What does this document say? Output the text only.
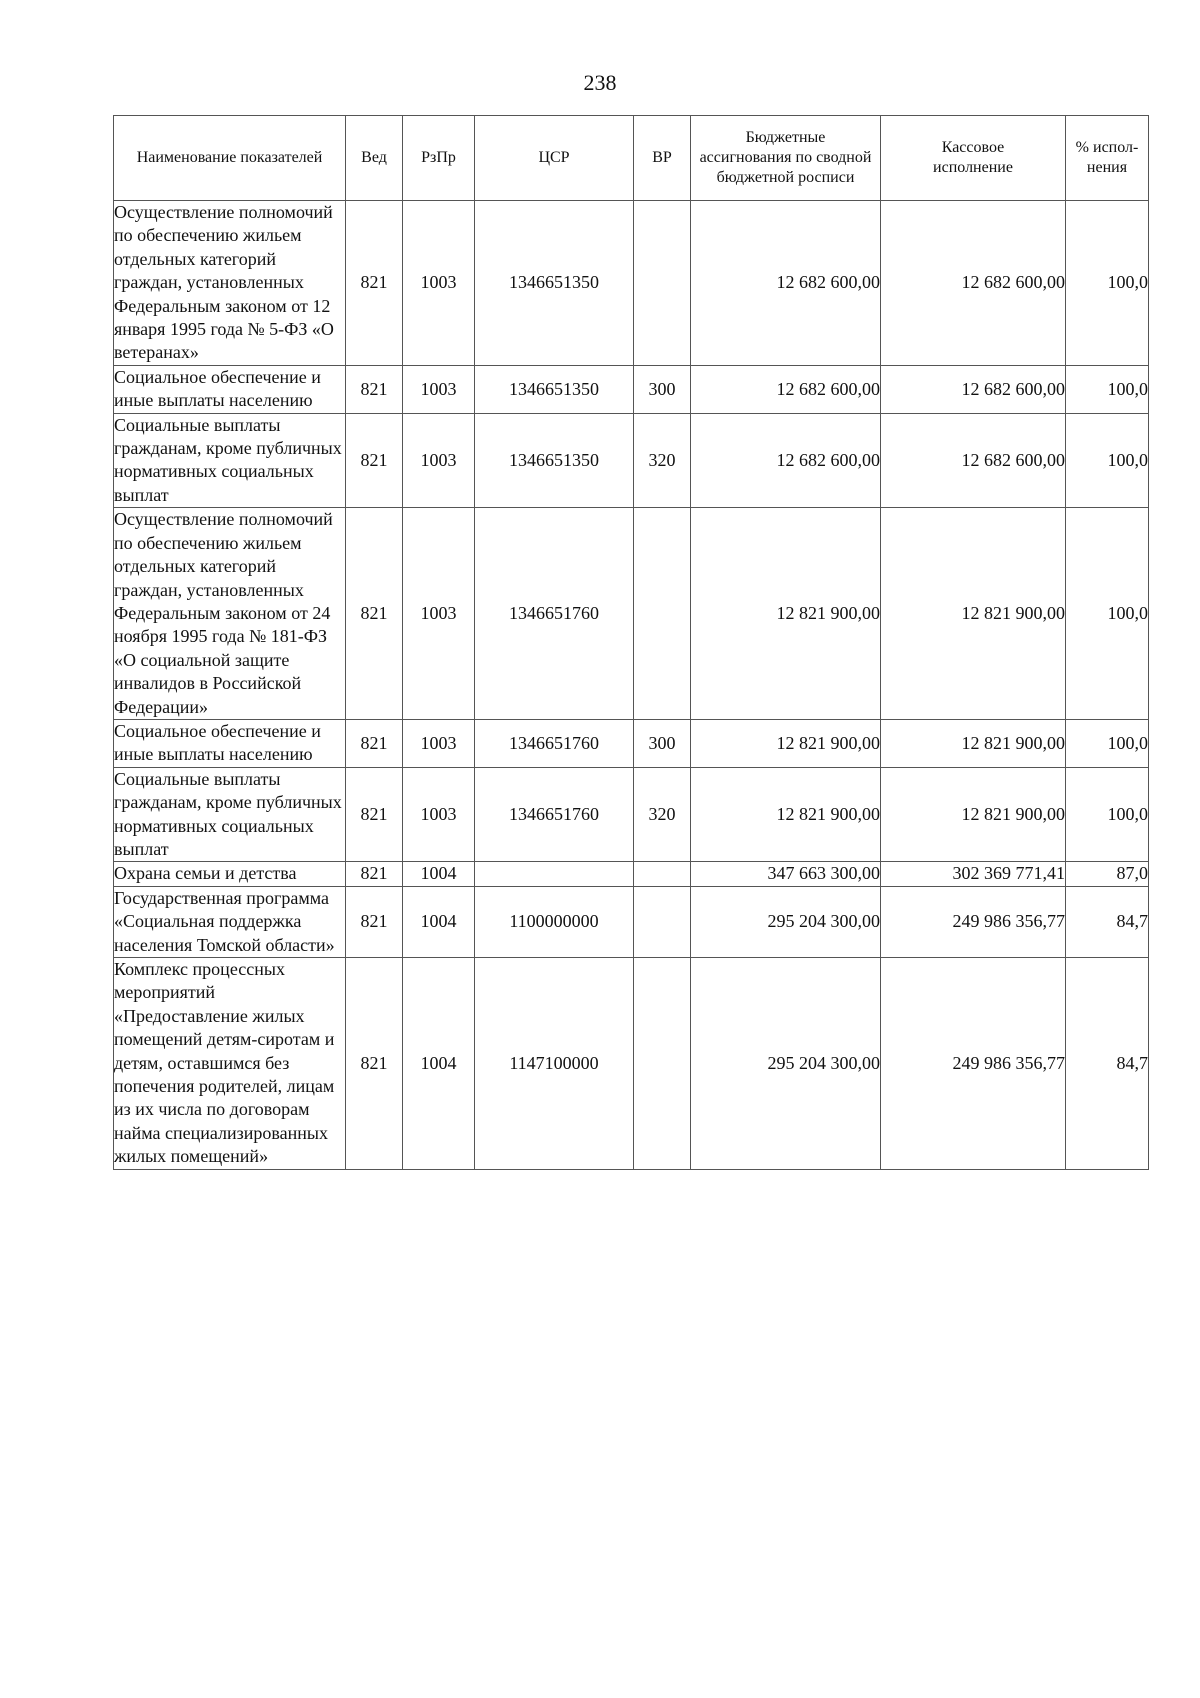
238
Наименование показателей	Вед	РзПр	ЦСР	ВР	Бюджетные ассигнования по сводной бюджетной росписи	Кассовое исполнение	% испол-нения
Осуществление полномочий по обеспечению жильем отдельных категорий граждан, установленных Федеральным законом от 12 января 1995 года № 5-ФЗ «О ветеранах»	821	1003	1346651350		12 682 600,00	12 682 600,00	100,0
Социальное обеспечение и иные выплаты населению	821	1003	1346651350	300	12 682 600,00	12 682 600,00	100,0
Социальные выплаты гражданам, кроме публичных нормативных социальных выплат	821	1003	1346651350	320	12 682 600,00	12 682 600,00	100,0
Осуществление полномочий по обеспечению жильем отдельных категорий граждан, установленных Федеральным законом от 24 ноября 1995 года № 181-ФЗ «О социальной защите инвалидов в Российской Федерации»	821	1003	1346651760		12 821 900,00	12 821 900,00	100,0
Социальное обеспечение и иные выплаты населению	821	1003	1346651760	300	12 821 900,00	12 821 900,00	100,0
Социальные выплаты гражданам, кроме публичных нормативных социальных выплат	821	1003	1346651760	320	12 821 900,00	12 821 900,00	100,0
Охрана семьи и детства	821	1004			347 663 300,00	302 369 771,41	87,0
Государственная программа «Социальная поддержка населения Томской области»	821	1004	1100000000		295 204 300,00	249 986 356,77	84,7
Комплекс процессных мероприятий «Предоставление жилых помещений детям-сиротам и детям, оставшимся без попечения родителей, лицам из их числа по договорам найма специализированных жилых помещений»	821	1004	1147100000		295 204 300,00	249 986 356,77	84,7
